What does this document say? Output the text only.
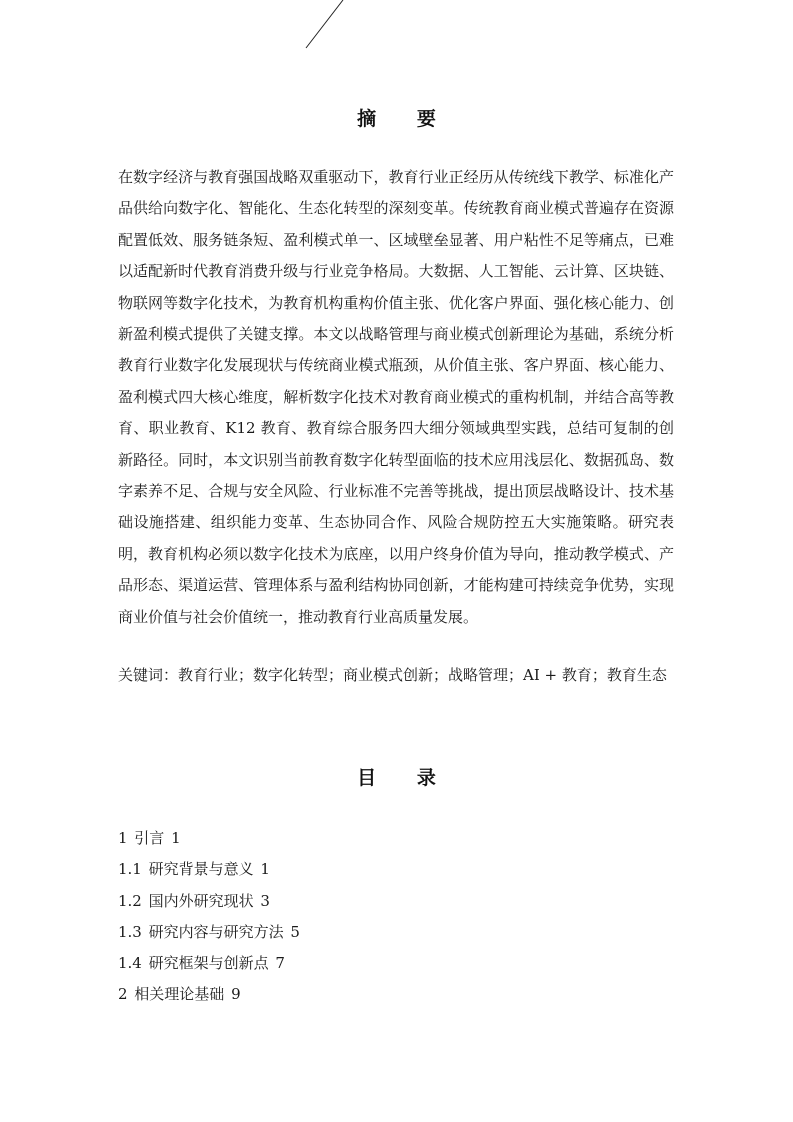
摘 要

在数字经济与教育强国战略双重驱动下，教育行业正经历从传统线下教学、标准化产品供给向数字化、智能化、生态化转型的深刻变革。传统教育商业模式普遍存在资源配置低效、服务链条短、盈利模式单一、区域壁垒显著、用户粘性不足等痛点，已难以适配新时代教育消费升级与行业竞争格局。大数据、人工智能、云计算、区块链、物联网等数字化技术，为教育机构重构价值主张、优化客户界面、强化核心能力、创新盈利模式提供了关键支撑。本文以战略管理与商业模式创新理论为基础，系统分析教育行业数字化发展现状与传统商业模式瓶颈，从价值主张、客户界面、核心能力、盈利模式四大核心维度，解析数字化技术对教育商业模式的重构机制，并结合高等教育、职业教育、K12 教育、教育综合服务四大细分领域典型实践，总结可复制的创新路径。同时，本文识别当前教育数字化转型面临的技术应用浅层化、数据孤岛、数字素养不足、合规与安全风险、行业标准不完善等挑战，提出顶层战略设计、技术基础设施搭建、组织能力变革、生态协同合作、风险合规防控五大实施策略。研究表明，教育机构必须以数字化技术为底座，以用户终身价值为导向，推动教学模式、产品形态、渠道运营、管理体系与盈利结构协同创新，才能构建可持续竞争优势，实现商业价值与社会价值统一，推动教育行业高质量发展。

关键词：教育行业；数字化转型；商业模式创新；战略管理；AI + 教育；教育生态

目 录
1 引言 1
1.1 研究背景与意义 1
1.2 国内外研究现状 3
1.3 研究内容与研究方法 5
1.4 研究框架与创新点 7
2 相关理论基础 9
